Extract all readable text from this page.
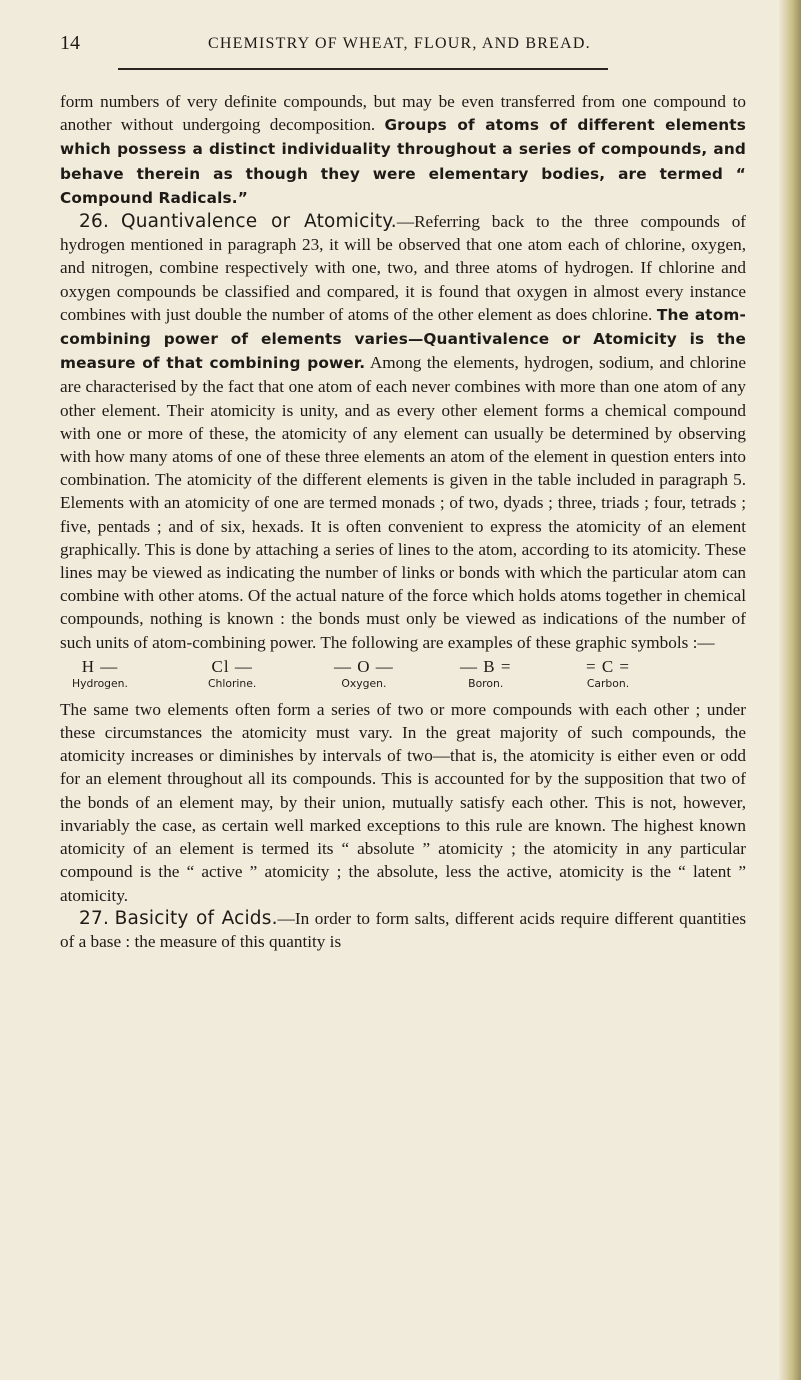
14	CHEMISTRY OF WHEAT, FLOUR, AND BREAD.

form numbers of very definite compounds, but may be even transferred from one compound to another without undergoing decomposition. Groups of atoms of different elements which possess a distinct individuality throughout a series of compounds, and behave therein as though they were elementary bodies, are termed “ Compound Radicals.”

26. Quantivalence or Atomicity.—Referring back to the three compounds of hydrogen mentioned in paragraph 23, it will be observed that one atom each of chlorine, oxygen, and nitrogen, combine respectively with one, two, and three atoms of hydrogen. If chlorine and oxygen compounds be classified and compared, it is found that oxygen in almost every instance combines with just double the number of atoms of the other element as does chlorine. The atom-combining power of elements varies—Quantivalence or Atomicity is the measure of that combining power. Among the elements, hydrogen, sodium, and chlorine are characterised by the fact that one atom of each never combines with more than one atom of any other element. Their atomicity is unity, and as every other element forms a chemical compound with one or more of these, the atomicity of any element can usually be determined by observing with how many atoms of one of these three elements an atom of the element in question enters into combination. The atomicity of the different elements is given in the table included in paragraph 5. Elements with an atomicity of one are termed monads ; of two, dyads ; three, triads ; four, tetrads ; five, pentads ; and of six, hexads. It is often convenient to express the atomicity of an element graphically. This is done by attaching a series of lines to the atom, according to its atomicity. These lines may be viewed as indicating the number of links or bonds with which the particular atom can combine with other atoms. Of the actual nature of the force which holds atoms together in chemical compounds, nothing is known : the bonds must only be viewed as indications of the number of such units of atom-combining power. The following are examples of these graphic symbols :—

H —
Hydrogen.
Cl —
Chlorine.
— O —
Oxygen.
— B =
Boron.
= C =
Carbon.

The same two elements often form a series of two or more compounds with each other ; under these circumstances the atomicity must vary. In the great majority of such compounds, the atomicity increases or diminishes by intervals of two—that is, the atomicity is either even or odd for an element throughout all its compounds. This is accounted for by the supposition that two of the bonds of an element may, by their union, mutually satisfy each other. This is not, however, invariably the case, as certain well marked exceptions to this rule are known. The highest known atomicity of an element is termed its “ absolute ” atomicity ; the atomicity in any particular compound is the “ active ” atomicity ; the absolute, less the active, atomicity is the “ latent ” atomicity.

27. Basicity of Acids.—In order to form salts, different acids require different quantities of a base : the measure of this quantity is
